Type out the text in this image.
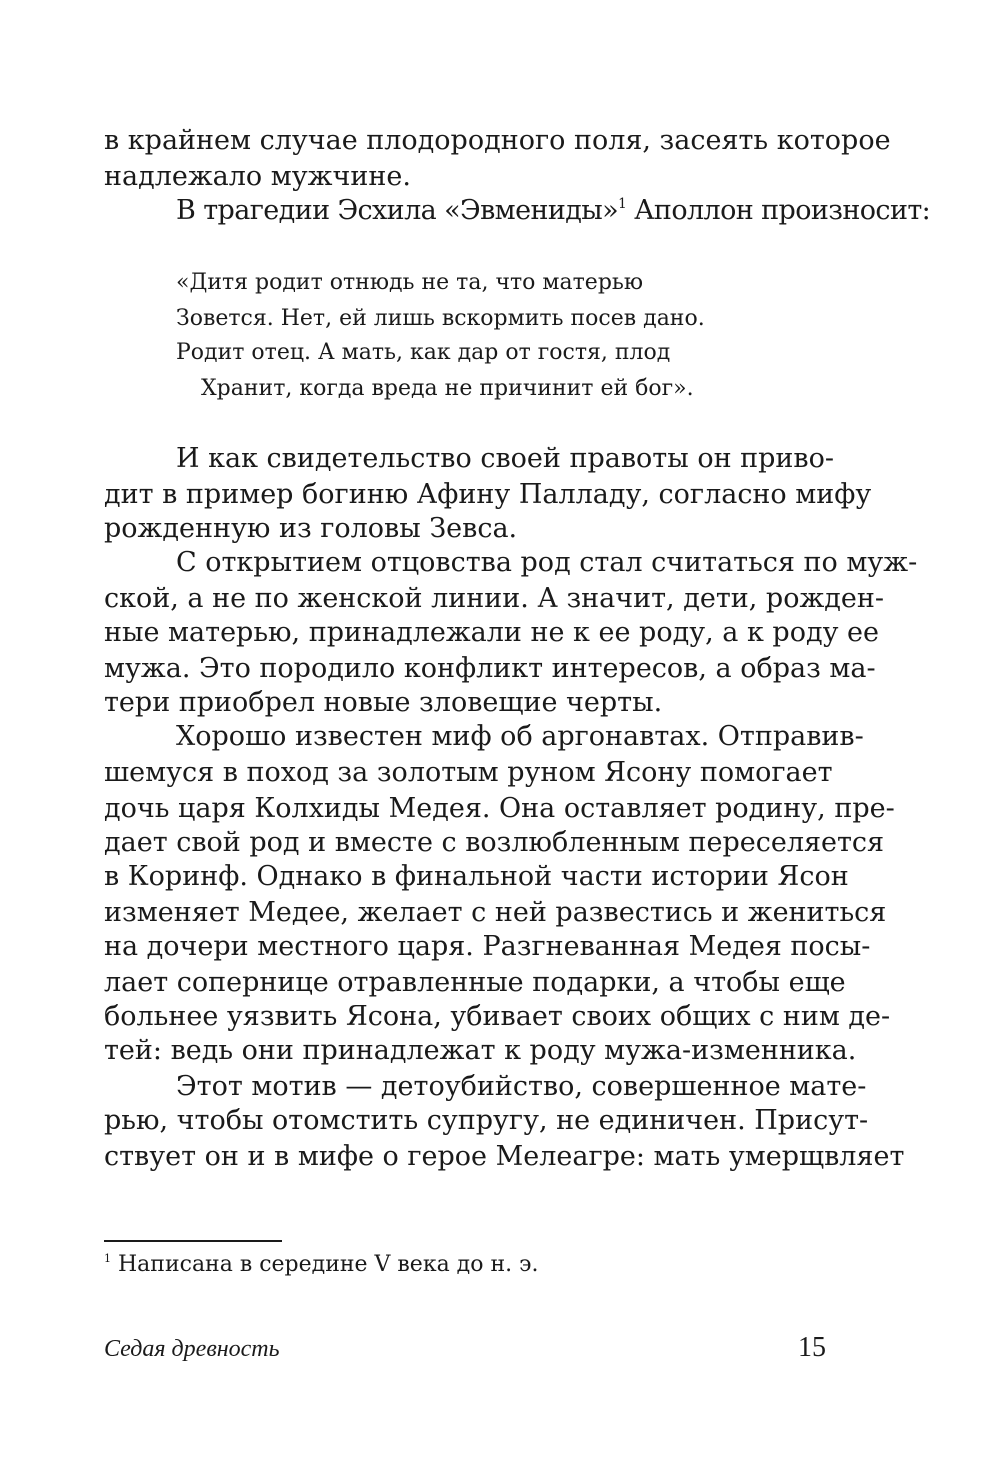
в крайнем случае плодородного поля, засеять которое
надлежало мужчине.
В трагедии Эсхила «Эвмениды»$^1$ Аполлон произносит:
«Дитя родит отнюдь не та, что матерью
Зовется. Нет, ей лишь вскормить посев дано.
Родит отец. А мать, как дар от гостя, плод
Хранит, когда вреда не причинит ей бог».
И как свидетельство своей правоты он приво-
дит в пример богиню Афину Палладу, согласно мифу
рожденную из головы Зевса.
С открытием отцовства род стал считаться по муж-
ской, а не по женской линии. А значит, дети, рожден-
ные матерью, принадлежали не к ее роду, а к роду ее
мужа. Это породило конфликт интересов, а образ ма-
тери приобрел новые зловещие черты.
Хорошо известен миф об аргонавтах. Отправив-
шемуся в поход за золотым руном Ясону помогает
дочь царя Колхиды Медея. Она оставляет родину, пре-
дает свой род и вместе с возлюбленным переселяется
в Коринф. Однако в финальной части истории Ясон
изменяет Медее, желает с ней развестись и жениться
на дочери местного царя. Разгневанная Медея посы-
лает сопернице отравленные подарки, а чтобы еще
больнее уязвить Ясона, убивает своих общих с ним де-
тей: ведь они принадлежат к роду мужа-изменника.
Этот мотив — детоубийство, совершенное мате-
рью, чтобы отомстить супругу, не единичен. Присут-
ствует он и в мифе о герое Мелеагре: мать умерщвляет
$^1$ Написана в середине V века до н. э.
Седая древность	15
